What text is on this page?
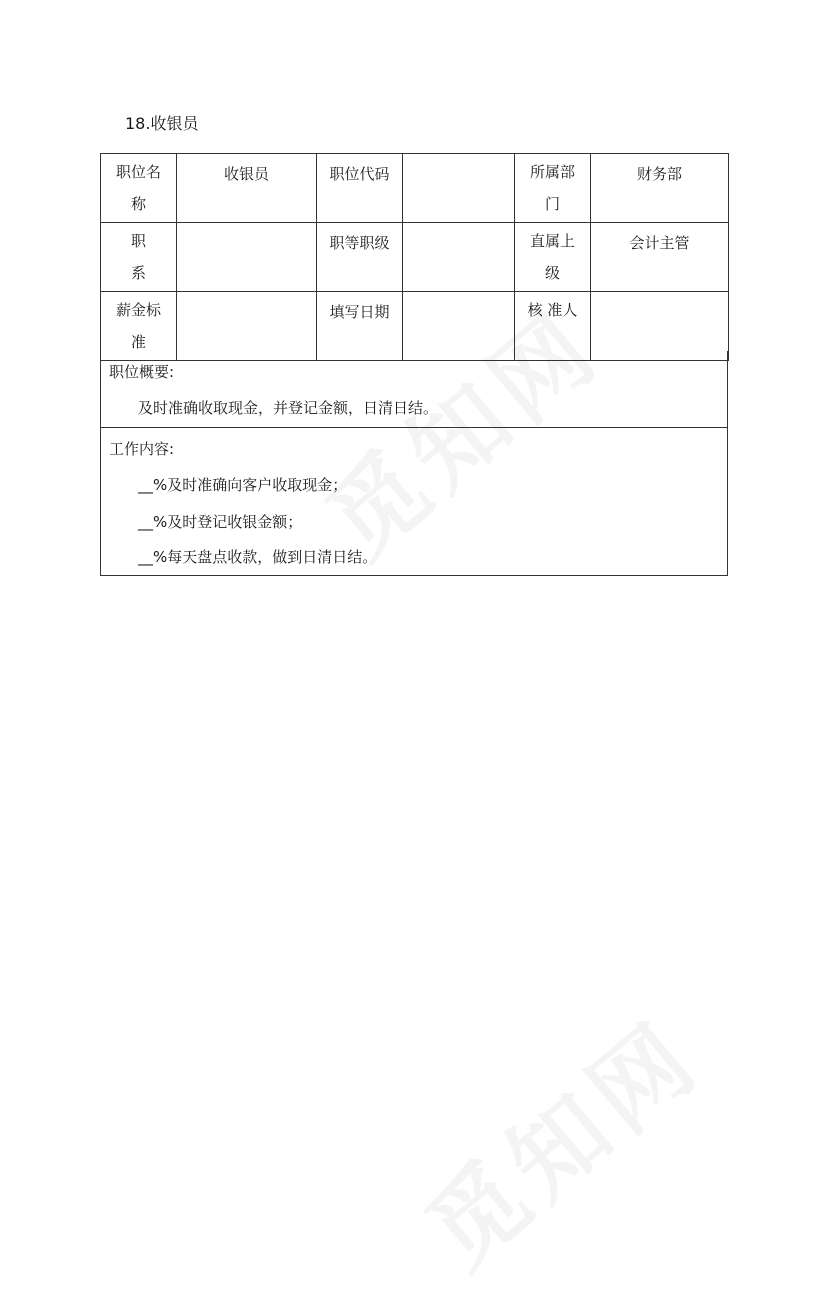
18.收银员
职位名称	收银员	职位代码		所属部门	财务部
职
系		职等职级		直属上级	会计主管
薪金标准		填写日期		核 准人	
职位概要:
及时准确收取现金，并登记金额，日清日结。
工作内容:
__%及时准确向客户收取现金；
__%及时登记收银金额；
__%每天盘点收款，做到日清日结。
